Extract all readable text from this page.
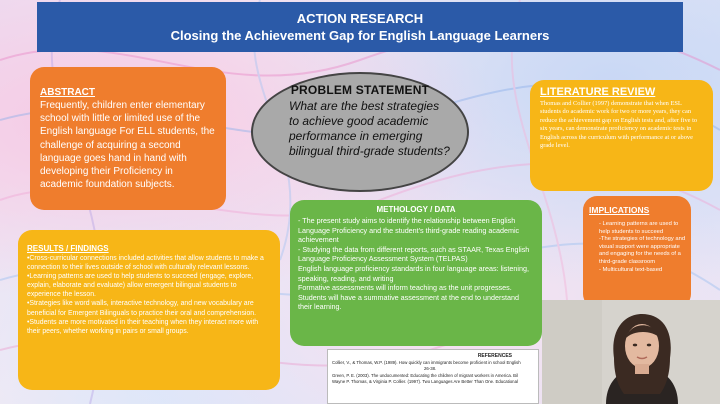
ACTION RESEARCH
Closing the Achievement Gap for English Language Learners
ABSTRACT
Frequently, children enter elementary school with little or limited use of the English language For ELL students, the challenge of acquiring a second language goes hand in hand with developing their Proficiency in academic foundation subjects.
PROBLEM STATEMENT
What are the best strategies to achieve good academic performance in emerging bilingual third-grade students?
LITERATURE REVIEW
Thomas and Collier (1997) demonstrate that when ESL students do academic work for two or more years, they can reduce the achievement gap on English tests and, after five to six years, can demonstrate proficiency on academic tests in English across the curriculum with performance at or above grade level.
METHOLOGY / DATA

- The present study aims to identify the relationship between English Language Proficiency and the student's third-grade reading academic achievement

- Studying the data from different reports, such as STAAR, Texas English Language Proficiency Assessment System (TELPAS)

English language proficiency standards in four language areas: listening, speaking, reading, and writing

Formative assessments will inform teaching as the unit progresses. Students will have a summative assessment at the end to understand their learning.

IMPLICATIONS

- Learning patterns are used to help students to succeed

-The strategies of technology and visual support were appropriate and engaging for the needs of a third-grade classroom

- Multicultural text-based

RESULTS / FINDINGS

•Cross-curricular connections included activities that allow students to make a connection to their lives outside of school with culturally relevant lessons.

•Learning patterns are used to help students to succeed (engage, explore, explain, elaborate and evaluate) allow emergent bilingual students to experience the lesson.

•Strategies like word walls, interactive technology, and new vocabulary are beneficial for Emergent Bilinguals to practice their oral and comprehension.

•Students are more motivated in their teaching when they interact more with their peers, whether working in pairs or small groups.

REFERENCES

Collier, V., & Thomas, W.P. (1989). How quickly can immigrants become proficient in school English

26-38.

Green, P. E. (2003). The undocumented: Educating the children of migrant workers in America. Bil

Wayne P. Thomas, & Virginia P. Collier. (1997). Two Languages Are Better Than One. Educational
